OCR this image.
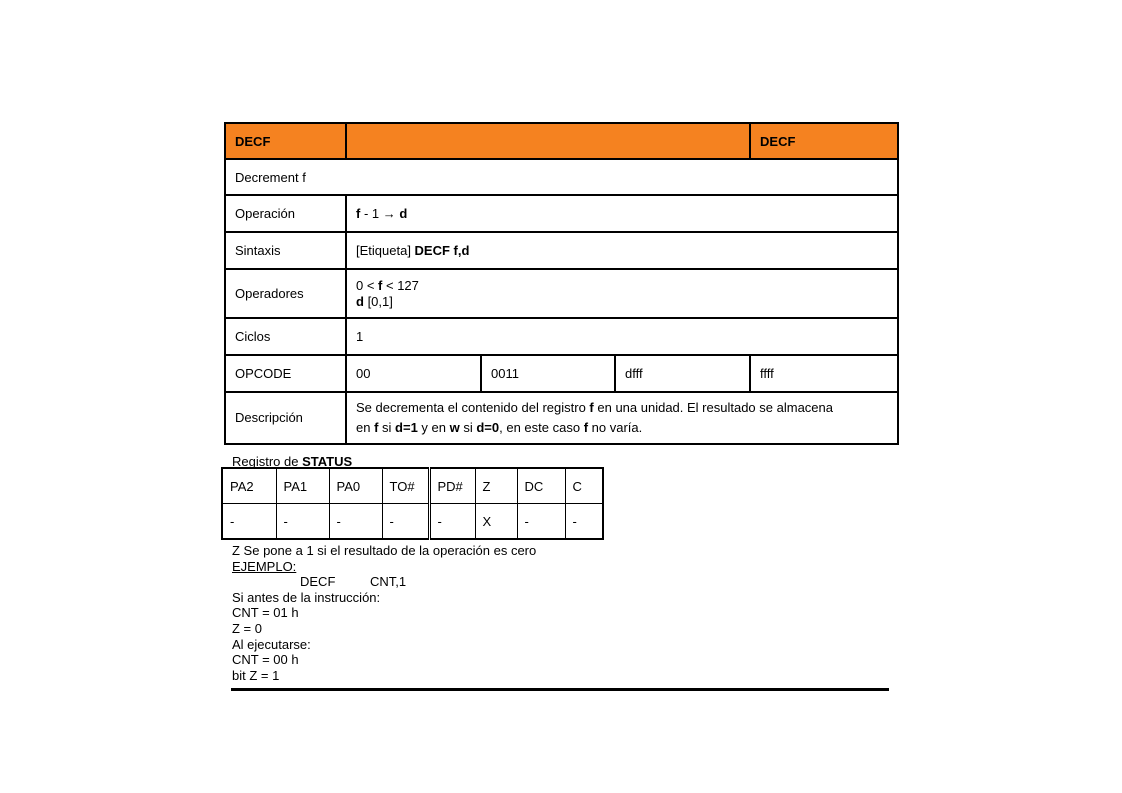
DECF				DECF
Decrement f				
Operación	f - 1 → d			
Sintaxis	[Etiqueta] DECF f,d			
Operadores	0 < f < 127
d [0,1]			

Ciclos	1			
OPCODE	00	0011	dfff	ffff
Descripción	Se decrementa el contenido del registro f en una unidad. El resultado se almacena
en f si d=1 y en w si d=0, en este caso f no varía.			
Registro de STATUS
PA2	PA1	PA0	TO#	PD#	Z	DC	C
-	-	-	-	-	X	-	-
Z Se pone a 1 si el resultado de la operación es cero
EJEMPLO:
DECF	CNT,1
Si antes de la instrucción:
CNT = 01 h
Z = 0
Al ejecutarse:
CNT = 00 h
bit Z = 1
